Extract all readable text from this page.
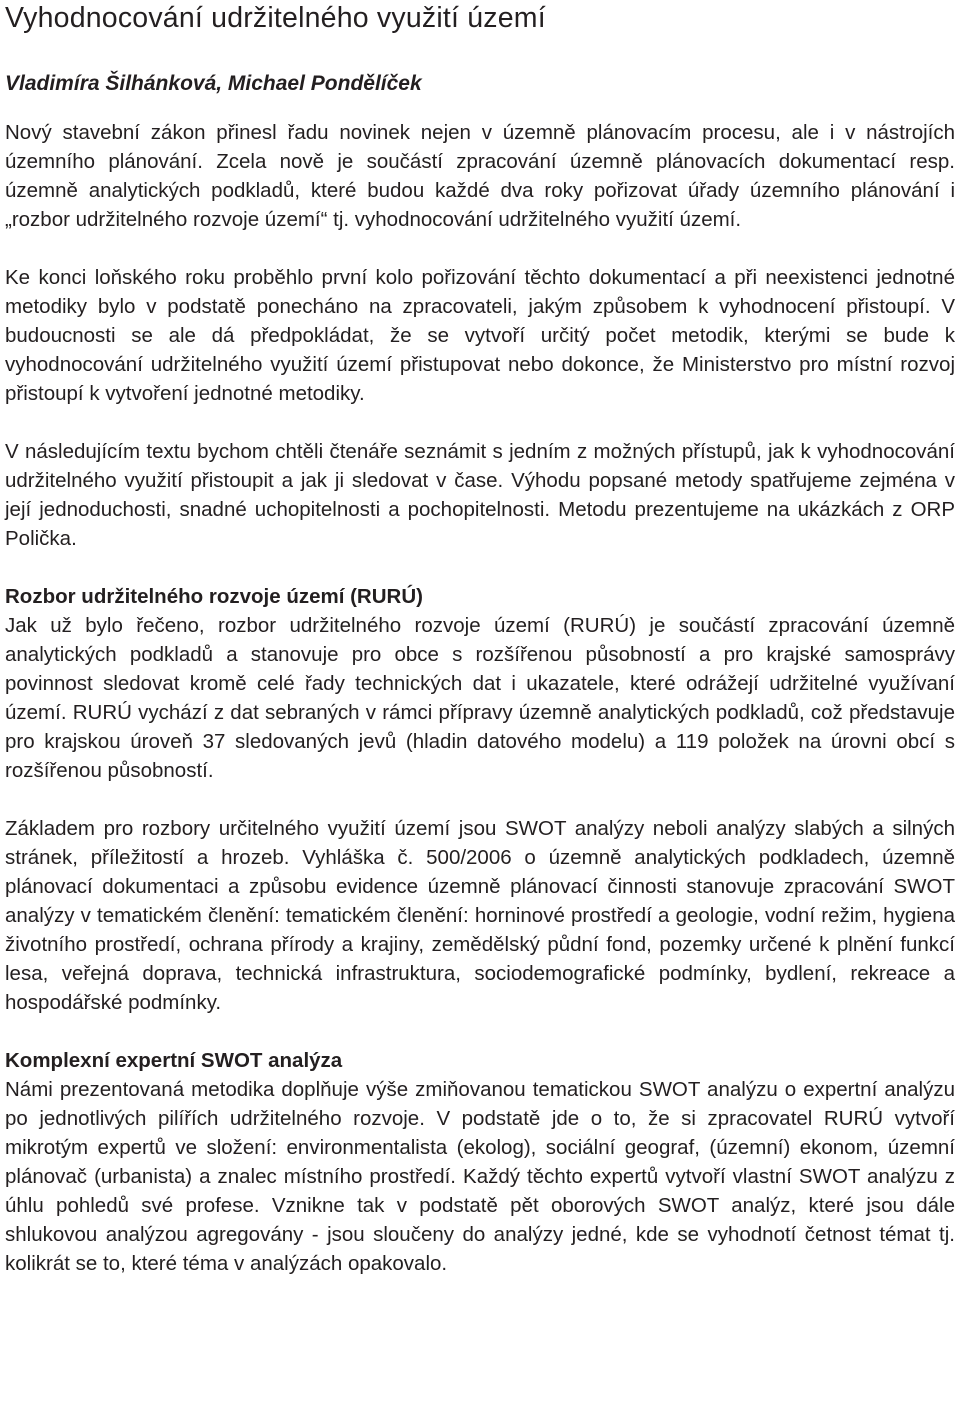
Vyhodnocování udržitelného využití území

Vladimíra Šilhánková, Michael Pondělíček

Nový stavební zákon přinesl řadu novinek nejen v územně plánovacím procesu, ale i v nástrojích územního plánování. Zcela nově je součástí zpracování územně plánovacích dokumentací resp. územně analytických podkladů, které budou každé dva roky pořizovat úřady územního plánování i „rozbor udržitelného rozvoje území“ tj. vyhodnocování udržitelného využití území.

Ke konci loňského roku proběhlo první kolo pořizování těchto dokumentací a při neexistenci jednotné metodiky bylo v podstatě ponecháno na zpracovateli, jakým způsobem k vyhodnocení přistoupí. V budoucnosti se ale dá předpokládat, že se vytvoří určitý počet metodik, kterými se bude k vyhodnocování udržitelného využití území přistupovat nebo dokonce, že Ministerstvo pro místní rozvoj přistoupí k vytvoření jednotné metodiky.

V následujícím textu bychom chtěli čtenáře seznámit s jedním z možných přístupů, jak k vyhodnocování udržitelného využití přistoupit a jak ji sledovat v čase. Výhodu popsané metody spatřujeme zejména v její jednoduchosti, snadné uchopitelnosti a pochopitelnosti. Metodu prezentujeme na ukázkách z ORP Polička.

Rozbor udržitelného rozvoje území (RURÚ)

Jak už bylo řečeno, rozbor udržitelného rozvoje území (RURÚ) je součástí zpracování územně analytických podkladů a stanovuje pro obce s rozšířenou působností a pro krajské samosprávy povinnost sledovat kromě celé řady technických dat i ukazatele, které odrážejí udržitelné využívaní území. RURÚ vychází z dat sebraných v rámci přípravy územně analytických podkladů, což představuje pro krajskou úroveň 37 sledovaných jevů (hladin datového modelu) a 119 položek na úrovni obcí s rozšířenou působností.

Základem pro rozbory určitelného využití území jsou SWOT analýzy neboli analýzy slabých a silných stránek, příležitostí a hrozeb. Vyhláška č. 500/2006 o územně analytických podkladech, územně plánovací dokumentaci a způsobu evidence územně plánovací činnosti stanovuje zpracování SWOT analýzy v tematickém členění: tematickém členění: horninové prostředí a geologie, vodní režim, hygiena životního prostředí, ochrana přírody a krajiny, zemědělský půdní fond, pozemky určené k plnění funkcí lesa, veřejná doprava, technická infrastruktura, sociodemografické podmínky, bydlení, rekreace a hospodářské podmínky.

Komplexní expertní SWOT analýza

Námi prezentovaná metodika doplňuje výše zmiňovanou tematickou SWOT analýzu o expertní analýzu po jednotlivých pilířích udržitelného rozvoje. V podstatě jde o to, že si zpracovatel RURÚ vytvoří mikrotým expertů ve složení: environmentalista (ekolog), sociální geograf, (územní) ekonom, územní plánovač (urbanista) a znalec místního prostředí. Každý těchto expertů vytvoří vlastní SWOT analýzu z úhlu pohledů své profese. Vznikne tak v podstatě pět oborových SWOT analýz, které jsou dále shlukovou analýzou agregovány - jsou sloučeny do analýzy jedné, kde se vyhodnotí četnost témat tj. kolikrát se to, které téma v analýzách opakovalo.
